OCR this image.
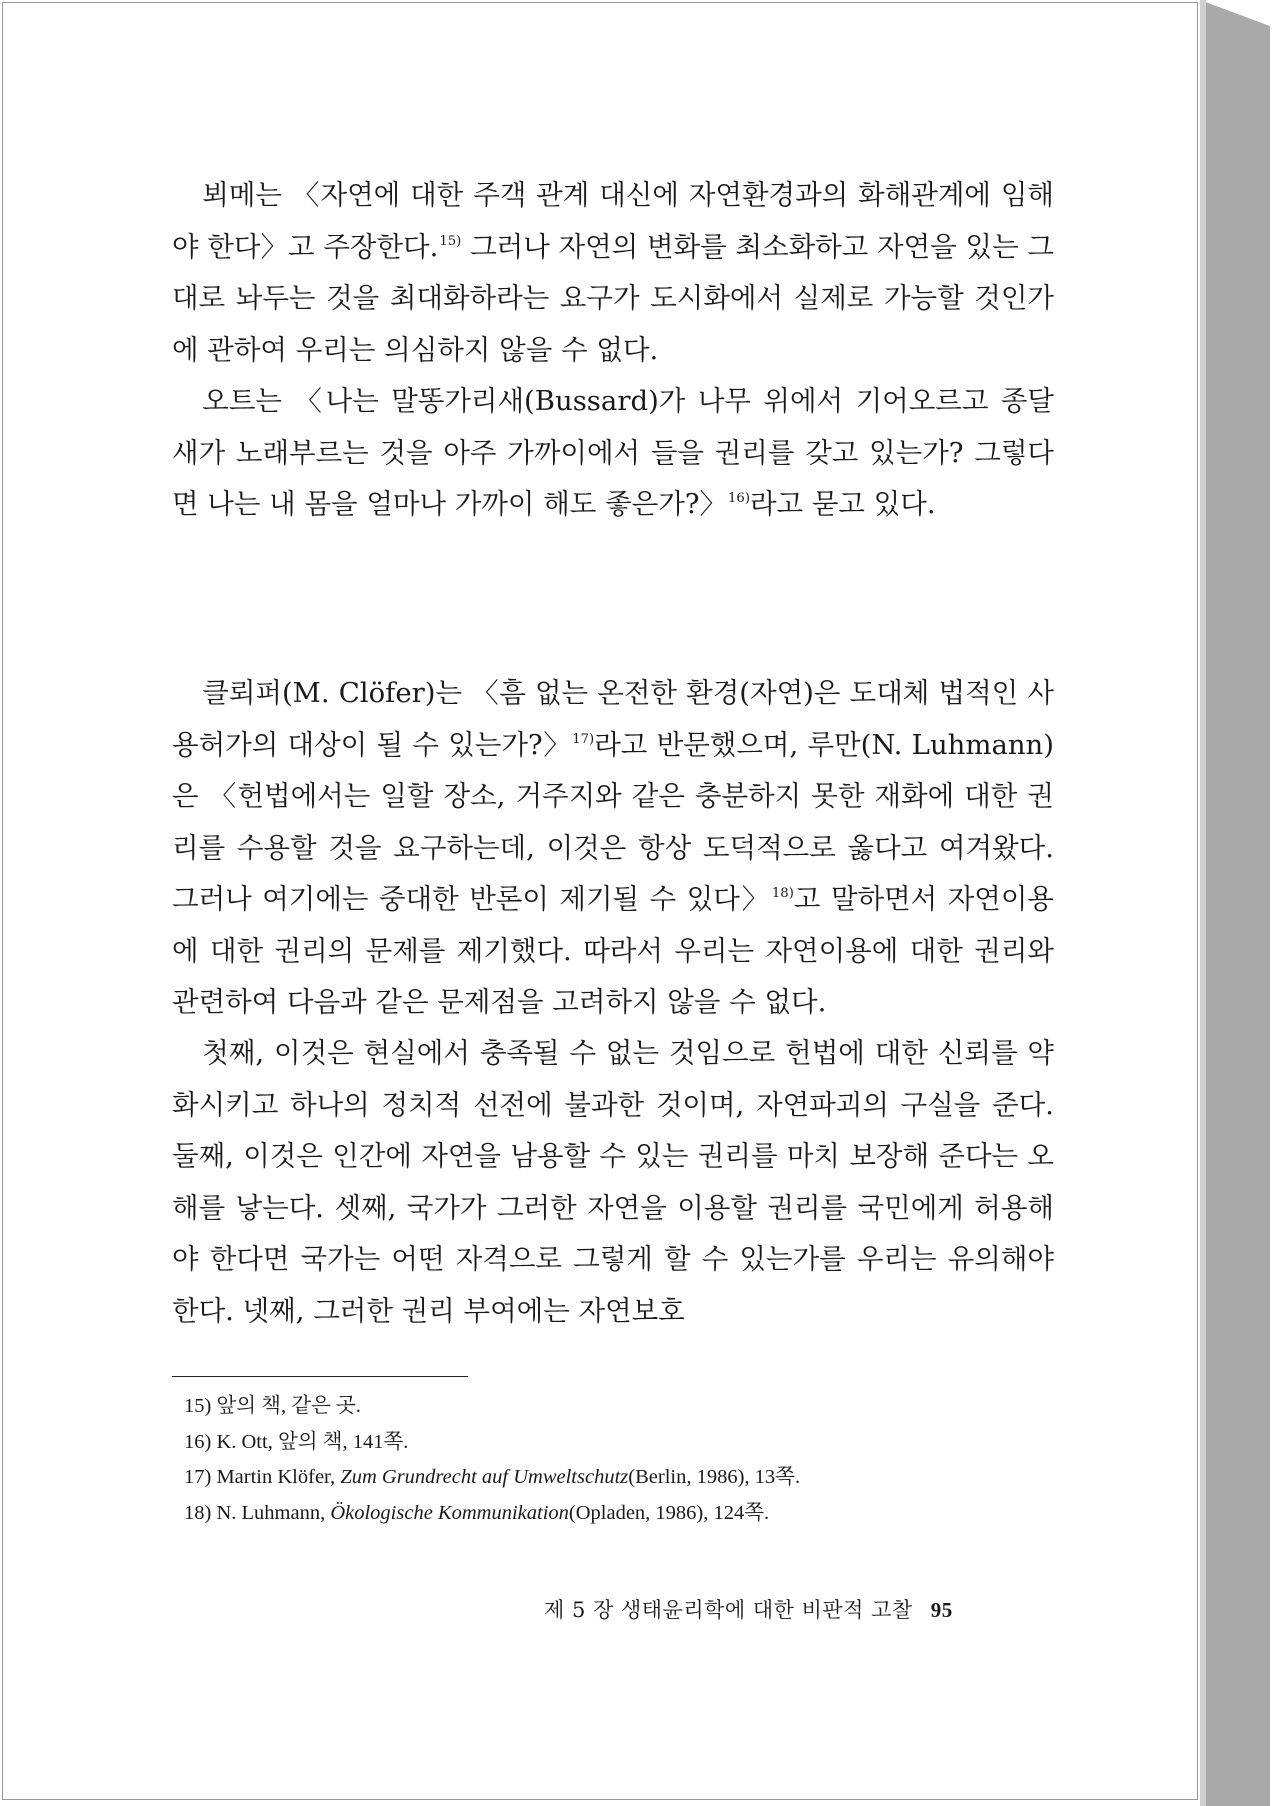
뵈메는 〈자연에 대한 주객 관계 대신에 자연환경과의 화해관계에 임해야 한다〉고 주장한다.$^{15)}$ 그러나 자연의 변화를 최소화하고 자연을 있는 그대로 놔두는 것을 최대화하라는 요구가 도시화에서 실제로 가능할 것인가에 관하여 우리는 의심하지 않을 수 없다.

오트는 〈나는 말똥가리새(Bussard)가 나무 위에서 기어오르고 종달새가 노래부르는 것을 아주 가까이에서 들을 권리를 갖고 있는가? 그렇다면 나는 내 몸을 얼마나 가까이 해도 좋은가?〉$^{16)}$라고 묻고 있다.

클뢰퍼(M. Clöfer)는 〈흠 없는 온전한 환경(자연)은 도대체 법적인 사용허가의 대상이 될 수 있는가?〉$^{17)}$라고 반문했으며, 루만(N. Luhmann)은 〈헌법에서는 일할 장소, 거주지와 같은 충분하지 못한 재화에 대한 권리를 수용할 것을 요구하는데, 이것은 항상 도덕적으로 옳다고 여겨왔다. 그러나 여기에는 중대한 반론이 제기될 수 있다〉$^{18)}$고 말하면서 자연이용에 대한 권리의 문제를 제기했다. 따라서 우리는 자연이용에 대한 권리와 관련하여 다음과 같은 문제점을 고려하지 않을 수 없다.

첫째, 이것은 현실에서 충족될 수 없는 것임으로 헌법에 대한 신뢰를 약화시키고 하나의 정치적 선전에 불과한 것이며, 자연파괴의 구실을 준다. 둘째, 이것은 인간에 자연을 남용할 수 있는 권리를 마치 보장해 준다는 오해를 낳는다. 셋째, 국가가 그러한 자연을 이용할 권리를 국민에게 허용해야 한다면 국가는 어떤 자격으로 그렇게 할 수 있는가를 우리는 유의해야 한다. 넷째, 그러한 권리 부여에는 자연보호

15) 앞의 책, 같은 곳.

16) K. Ott, 앞의 책, 141쪽.

17) Martin Klöfer, Zum Grundrecht auf Umweltschutz(Berlin, 1986), 13쪽.

18) N. Luhmann, Ökologische Kommunikation(Opladen, 1986), 124쪽.

제 5 장 생태윤리학에 대한 비판적 고찰 95
